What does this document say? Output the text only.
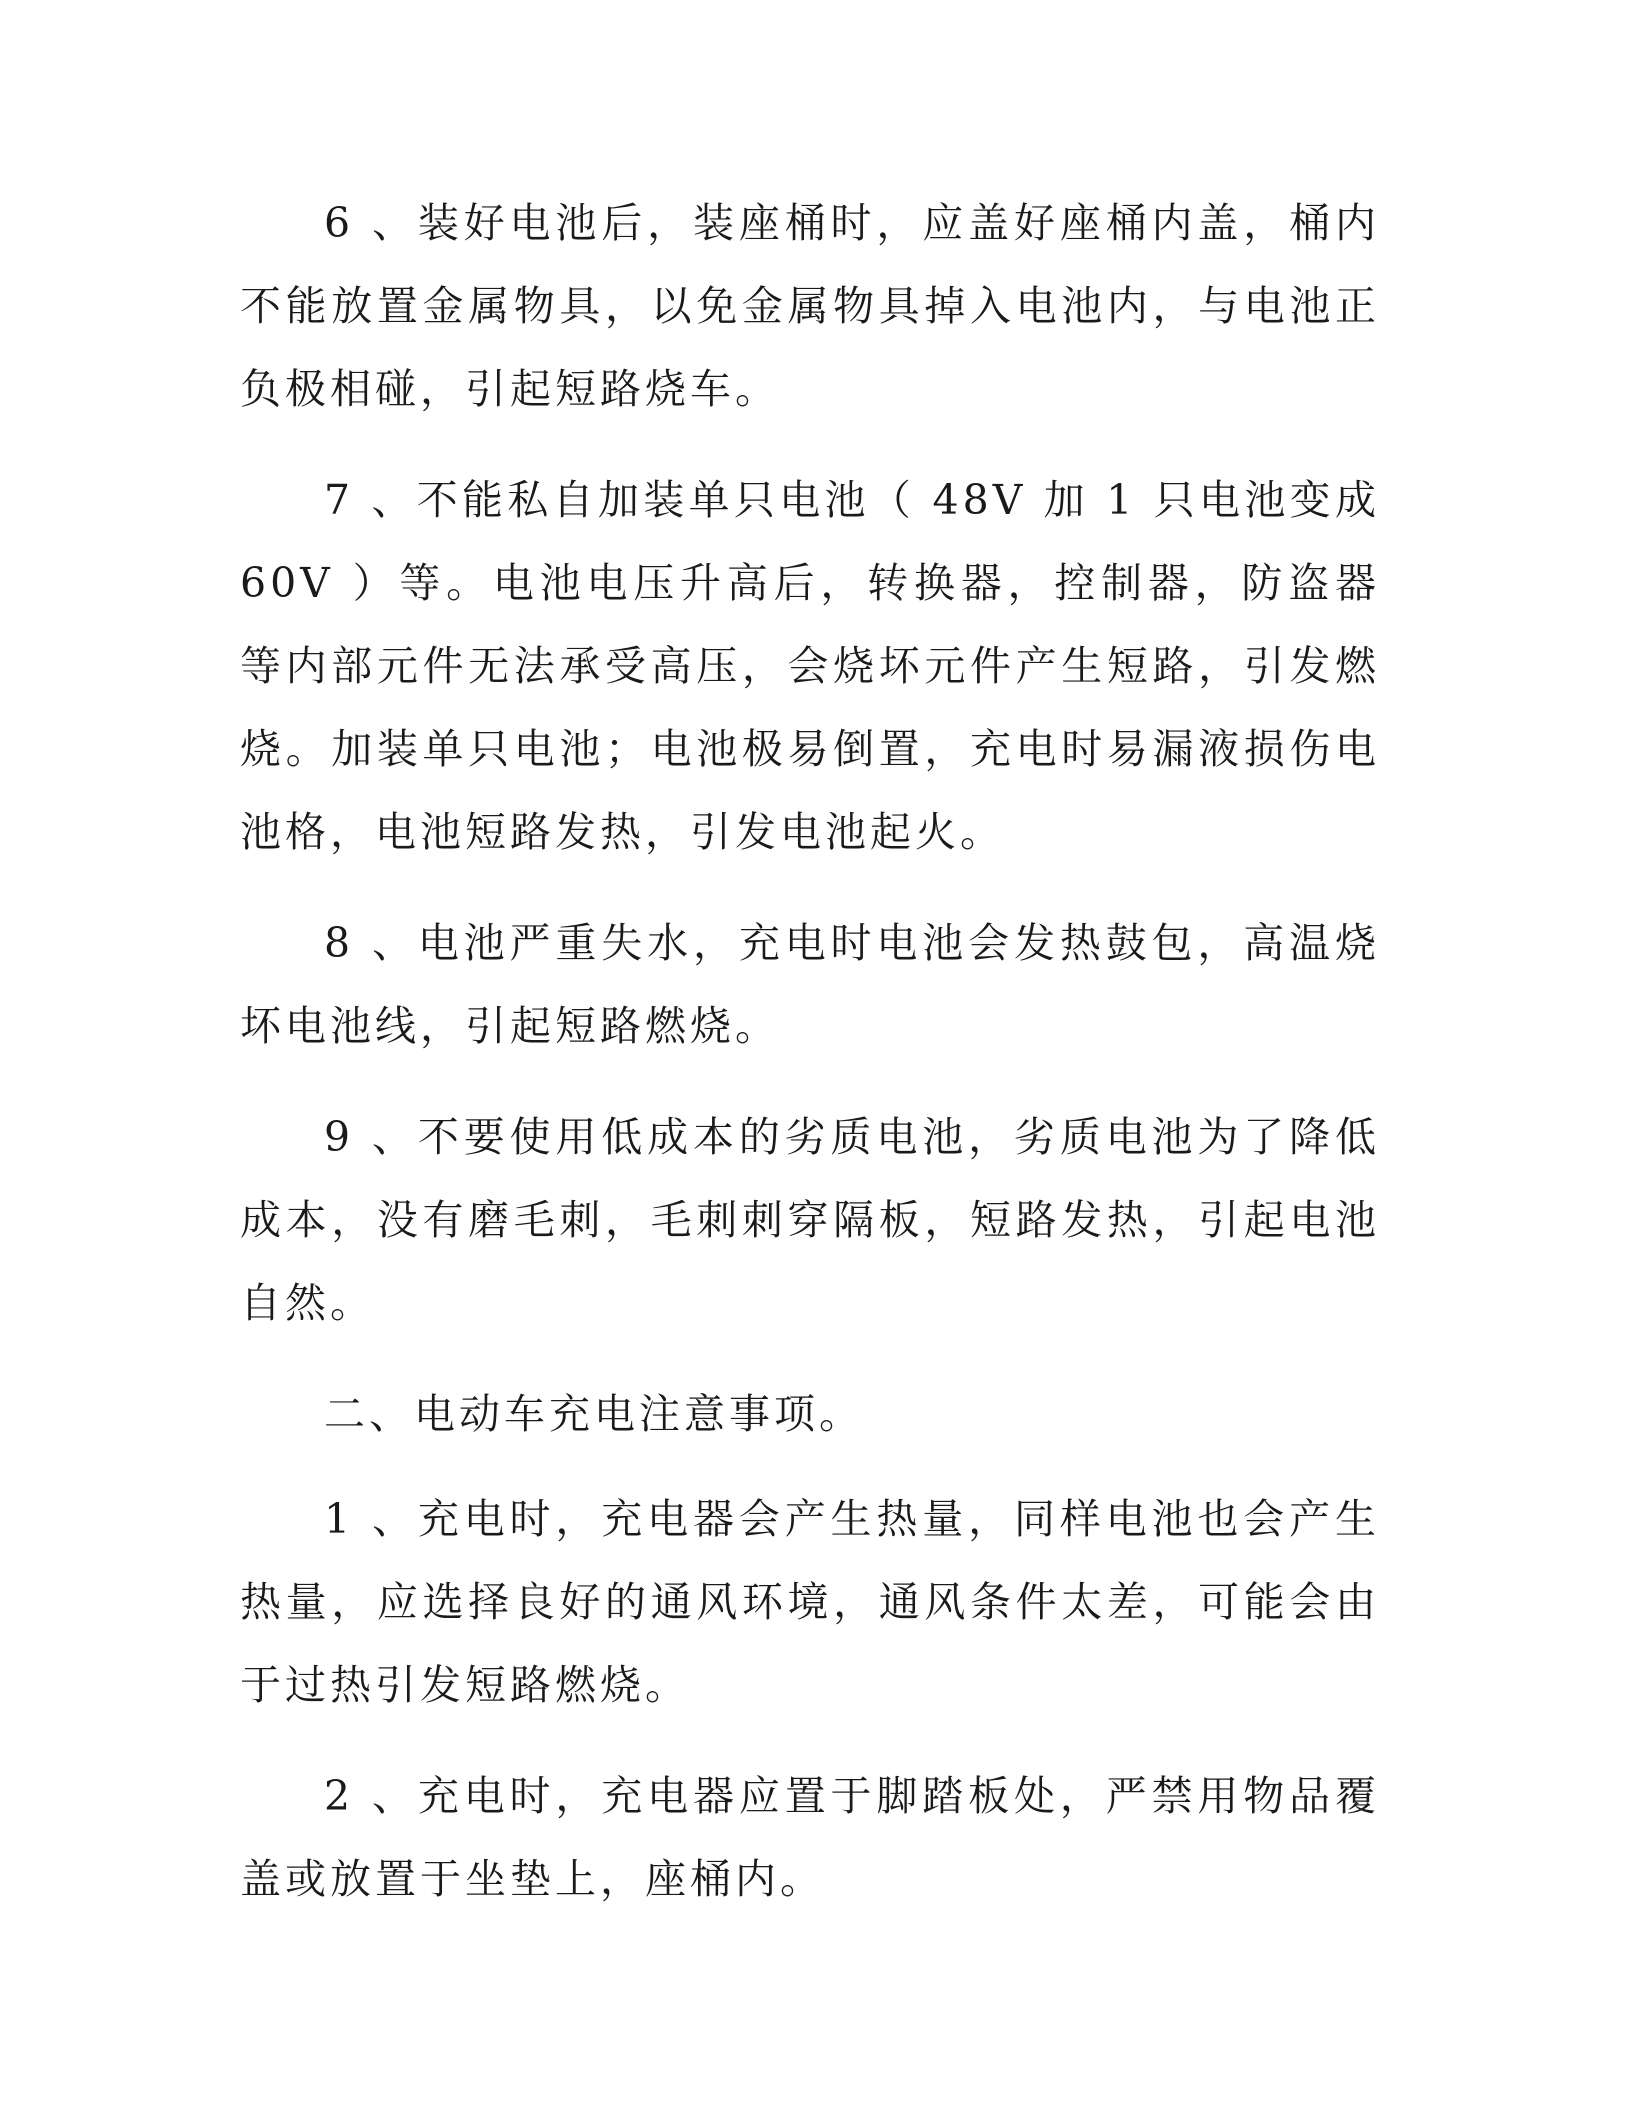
6 、装好电池后，装座桶时，应盖好座桶内盖，桶内不能放置金属物具，以免金属物具掉入电池内，与电池正负极相碰，引起短路烧车。

7 、不能私自加装单只电池（ 48V 加 1 只电池变成 60V ）等。电池电压升高后，转换器，控制器，防盗器等内部元件无法承受高压，会烧坏元件产生短路，引发燃烧。加装单只电池；电池极易倒置，充电时易漏液损伤电池格，电池短路发热，引发电池起火。

8 、电池严重失水，充电时电池会发热鼓包，高温烧坏电池线，引起短路燃烧。

9 、不要使用低成本的劣质电池，劣质电池为了降低成本，没有磨毛刺，毛刺刺穿隔板，短路发热，引起电池自然。

二、电动车充电注意事项。

1 、充电时，充电器会产生热量，同样电池也会产生热量，应选择良好的通风环境，通风条件太差，可能会由于过热引发短路燃烧。

2 、充电时，充电器应置于脚踏板处，严禁用物品覆盖或放置于坐垫上，座桶内。
